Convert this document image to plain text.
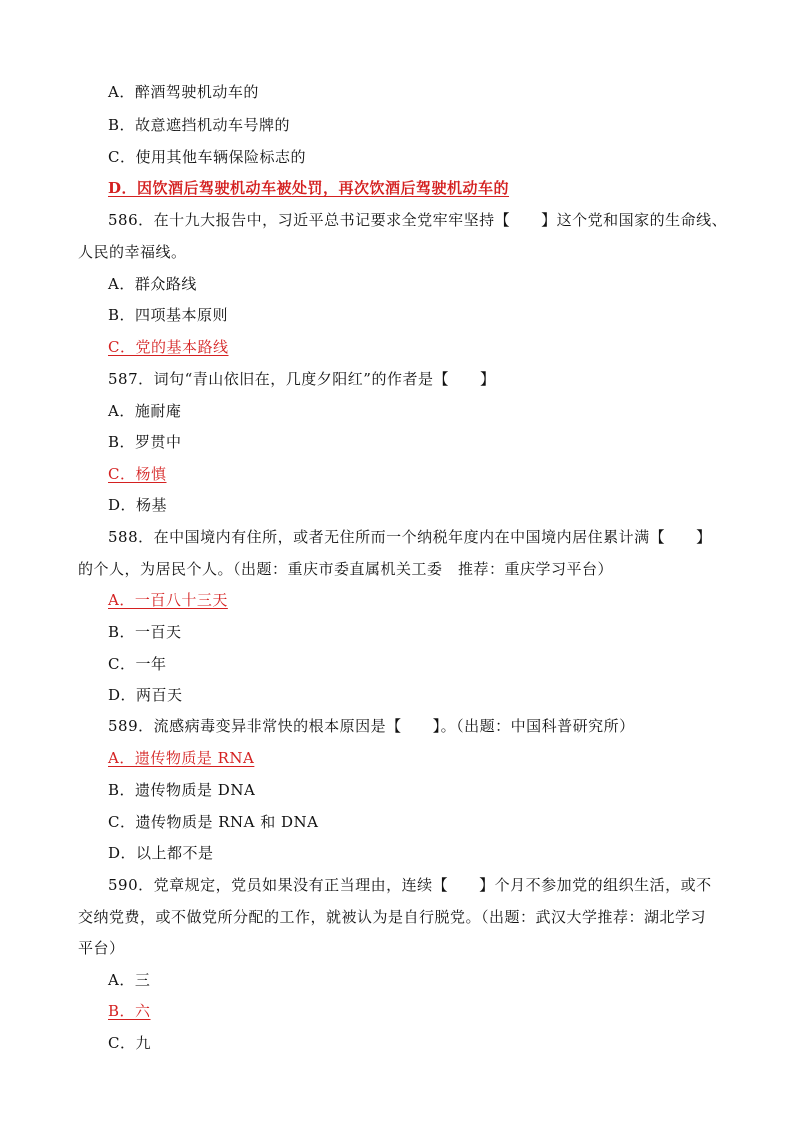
A．醉酒驾驶机动车的
B．故意遮挡机动车号牌的
C．使用其他车辆保险标志的
D．因饮酒后驾驶机动车被处罚，再次饮酒后驾驶机动车的
586．在十九大报告中，习近平总书记要求全党牢牢坚持【　　】这个党和国家的生命线、
人民的幸福线。
A．群众路线
B．四项基本原则
C．党的基本路线
587．词句“青山依旧在，几度夕阳红”的作者是【　　】
A．施耐庵
B．罗贯中
C．杨慎
D．杨基
588．在中国境内有住所，或者无住所而一个纳税年度内在中国境内居住累计满【　　】
的个人，为居民个人。（出题：重庆市委直属机关工委　推荐：重庆学习平台）
A．一百八十三天
B．一百天
C．一年
D．两百天
589．流感病毒变异非常快的根本原因是【　　】。（出题：中国科普研究所）
A．遗传物质是 RNA
B．遗传物质是 DNA
C．遗传物质是 RNA 和 DNA
D．以上都不是
590．党章规定，党员如果没有正当理由，连续【　　】个月不参加党的组织生活，或不
交纳党费，或不做党所分配的工作，就被认为是自行脱党。（出题：武汉大学推荐：湖北学习
平台）
A．三
B．六
C．九
